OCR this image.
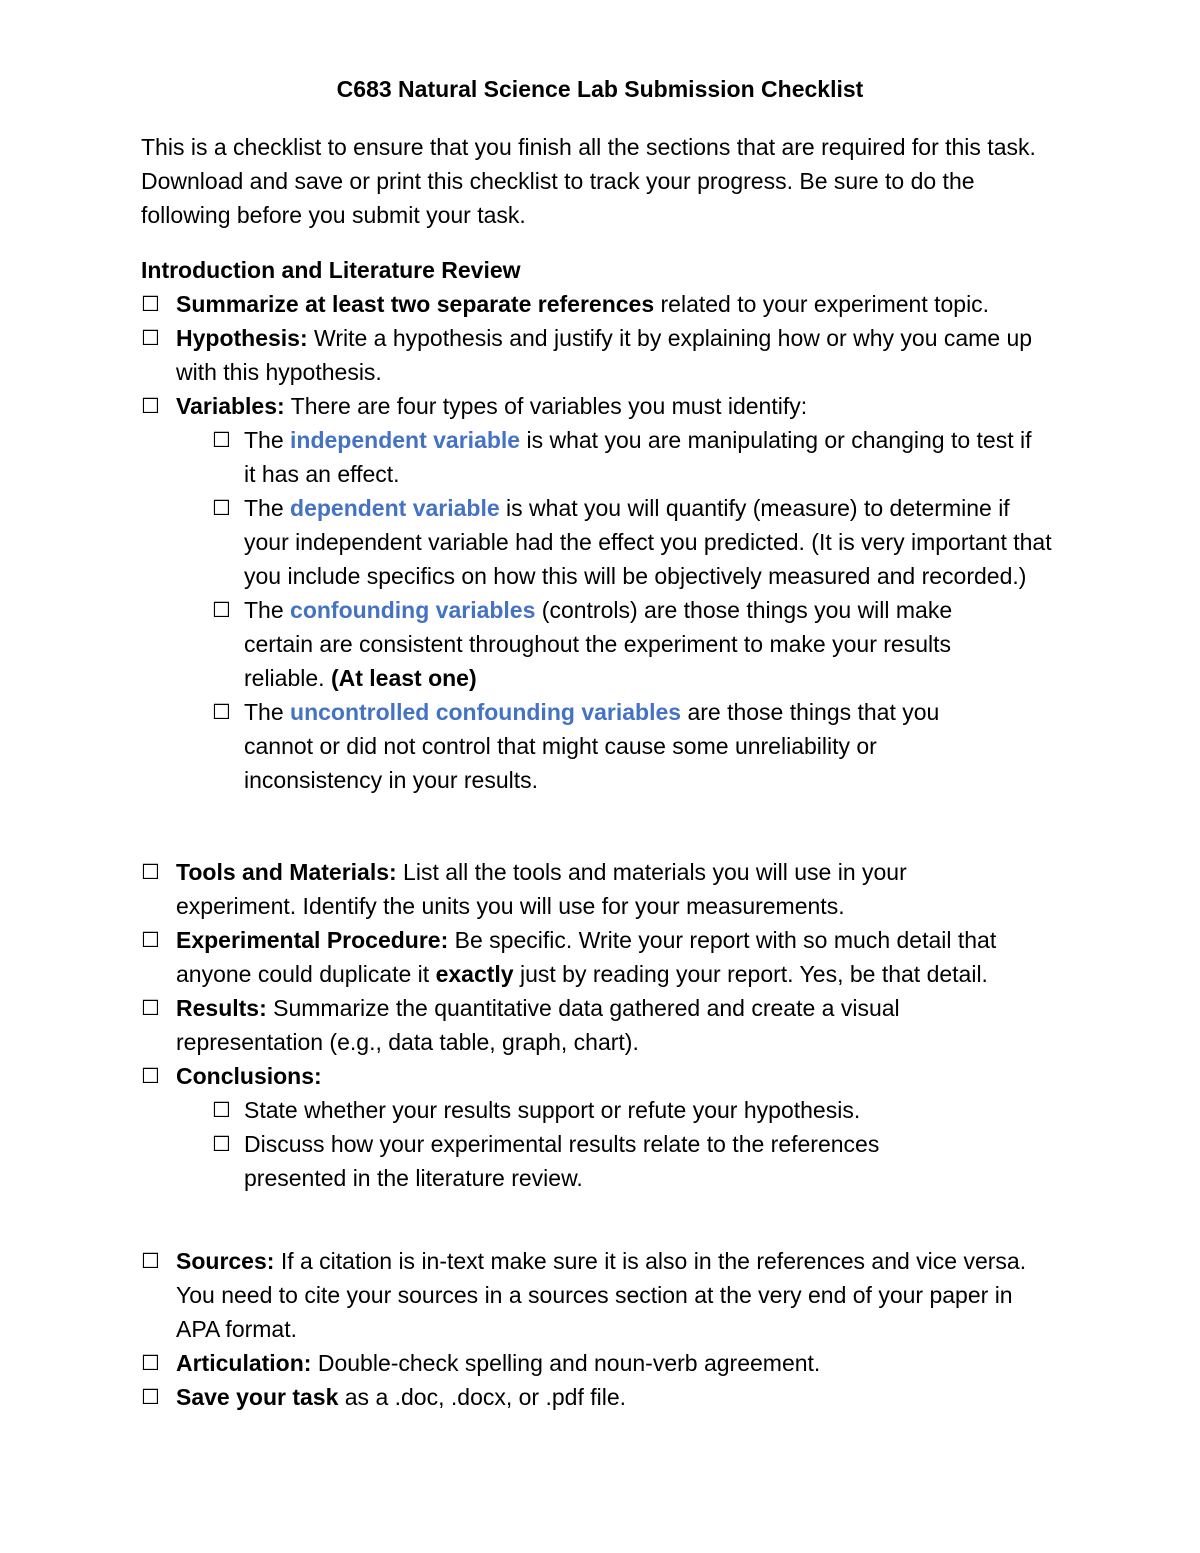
C683 Natural Science Lab Submission Checklist
This is a checklist to ensure that you finish all the sections that are required for this task. Download and save or print this checklist to track your progress. Be sure to do the following before you submit your task.
Introduction and Literature Review
☐ Summarize at least two separate references related to your experiment topic.
☐ Hypothesis: Write a hypothesis and justify it by explaining how or why you came up with this hypothesis.
☐ Variables: There are four types of variables you must identify:
☐ The independent variable is what you are manipulating or changing to test if it has an effect.
☐ The dependent variable is what you will quantify (measure) to determine if your independent variable had the effect you predicted. (It is very important that you include specifics on how this will be objectively measured and recorded.)
☐ The confounding variables (controls) are those things you will make certain are consistent throughout the experiment to make your results reliable. (At least one)
☐ The uncontrolled confounding variables are those things that you cannot or did not control that might cause some unreliability or inconsistency in your results.
☐ Tools and Materials: List all the tools and materials you will use in your experiment. Identify the units you will use for your measurements.
☐ Experimental Procedure: Be specific. Write your report with so much detail that anyone could duplicate it exactly just by reading your report. Yes, be that detail.
☐ Results: Summarize the quantitative data gathered and create a visual representation (e.g., data table, graph, chart).
☐ Conclusions:
☐ State whether your results support or refute your hypothesis.
☐ Discuss how your experimental results relate to the references presented in the literature review.
☐ Sources: If a citation is in-text make sure it is also in the references and vice versa. You need to cite your sources in a sources section at the very end of your paper in APA format.
☐ Articulation: Double-check spelling and noun-verb agreement.
☐ Save your task as a .doc, .docx, or .pdf file.
